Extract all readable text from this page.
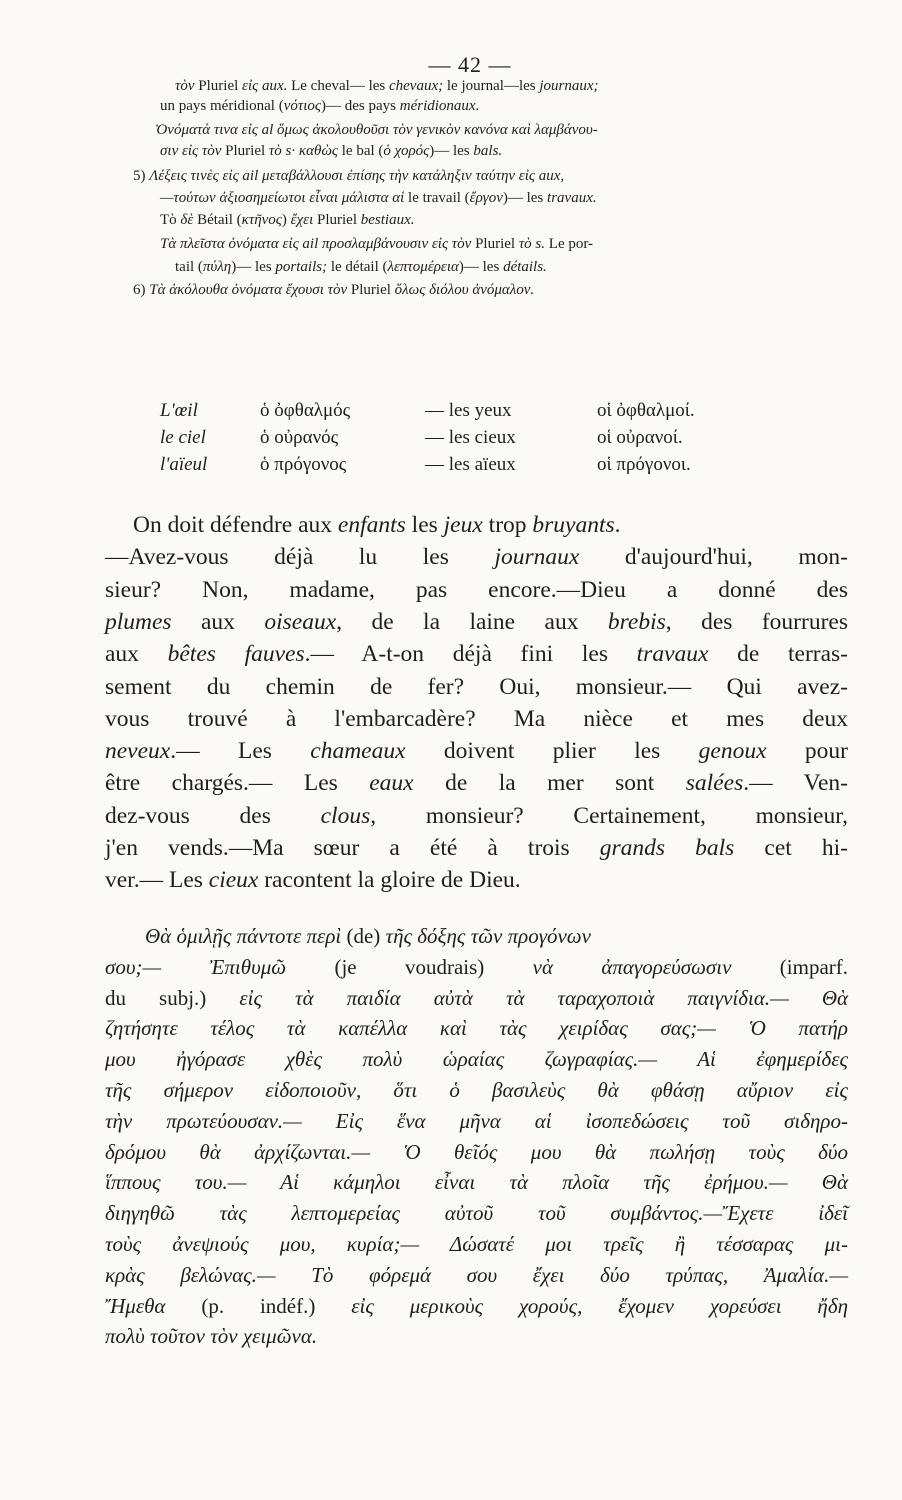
— 42 —
τὸν Pluriel εἰς aux. Le cheval— les chevaux; le journal—les journaux;
un pays méridional (νότιος)— des pays méridionaux.
Ὀνόματά τινα εἰς al ὅμως ἀκολουθοῦσι τὸν γενικὸν κανόνα καὶ λαμβάνου-
σιν εἰς τὸν Pluriel τὸ s· καθὼς le bal (ὁ χορός)— les bals.
5) Λέξεις τινὲς εἰς ail μεταβάλλουσι ἐπίσης τὴν κατάληξιν ταύτην εἰς aux,
—τούτων ἀξιοσημείωτοι εἶναι μάλιστα αἱ le travail (ἔργον)— les travaux.
Τὸ δὲ Bétail (κτῆνος) ἔχει Pluriel bestiaux.
Τὰ πλεῖστα ὀνόματα εἰς ail προσλαμβάνουσιν εἰς τὸν Pluriel τὸ s. Le por-
tail (πύλη)— les portails; le détail (λεπτομέρεια)— les détails.
6) Τὰ ἀκόλουθα ὀνόματα ἔχουσι τὸν Pluriel ὅλως διόλου ἀνόμαλον.
L'œil	ὁ ὀφθαλμός	— les yeux	οἱ ὀφθαλμοί.
le ciel	ὁ οὐρανός	— les cieux	οἱ οὐρανοί.
l'aïeul	ὁ πρόγονος	— les aïeux	οἱ πρόγονοι.
On doit défendre aux enfants les jeux trop bruyants.
—Avez-vous déjà lu les journaux d'aujourd'hui, mon-
sieur? Non, madame, pas encore.—Dieu a donné des
plumes aux oiseaux, de la laine aux brebis, des fourrures
aux bêtes fauves.— A-t-on déjà fini les travaux de terras-
sement du chemin de fer? Oui, monsieur.— Qui avez-
vous trouvé à l'embarcadère? Ma nièce et mes deux
neveux.— Les chameaux doivent plier les genoux pour
être chargés.— Les eaux de la mer sont salées.— Ven-
dez-vous des clous, monsieur? Certainement, monsieur,
j'en vends.—Ma sœur a été à trois grands bals cet hi-
ver.— Les cieux racontent la gloire de Dieu.
Θὰ ὁμιλῇς πάντοτε περὶ (de) τῆς δόξης τῶν προγόνων
σου;— Ἐπιθυμῶ (je voudrais) νὰ ἀπαγορεύσωσιν (imparf.
du subj.) εἰς τὰ παιδία αὐτὰ τὰ ταραχοποιὰ παιγνίδια.— Θὰ
ζητήσητε τέλος τὰ καπέλλα καὶ τὰς χειρίδας σας;— Ὁ πατήρ
μου ἠγόρασε χθὲς πολὺ ὡραίας ζωγραφίας.— Αἱ ἐφημερίδες
τῆς σήμερον εἰδοποιοῦν, ὅτι ὁ βασιλεὺς θὰ φθάσῃ αὔριον εἰς
τὴν πρωτεύουσαν.— Εἰς ἕνα μῆνα αἱ ἰσοπεδώσεις τοῦ σιδηρο-
δρόμου θὰ ἀρχίζωνται.— Ὁ θεῖός μου θὰ πωλήσῃ τοὺς δύο
ἵππους του.— Αἱ κάμηλοι εἶναι τὰ πλοῖα τῆς ἐρήμου.— Θὰ
διηγηθῶ τὰς λεπτομερείας αὐτοῦ τοῦ συμβάντος.—Ἔχετε ἰδεῖ
τοὺς ἀνεψιούς μου, κυρία;— Δώσατέ μοι τρεῖς ἢ τέσσαρας μι-
κρὰς βελώνας.— Τὸ φόρεμά σου ἔχει δύο τρύπας, Ἀμαλία.—
Ἤμεθα (p. indéf.) εἰς μερικοὺς χορούς, ἔχομεν χορεύσει ἤδη
πολὺ τοῦτον τὸν χειμῶνα.
